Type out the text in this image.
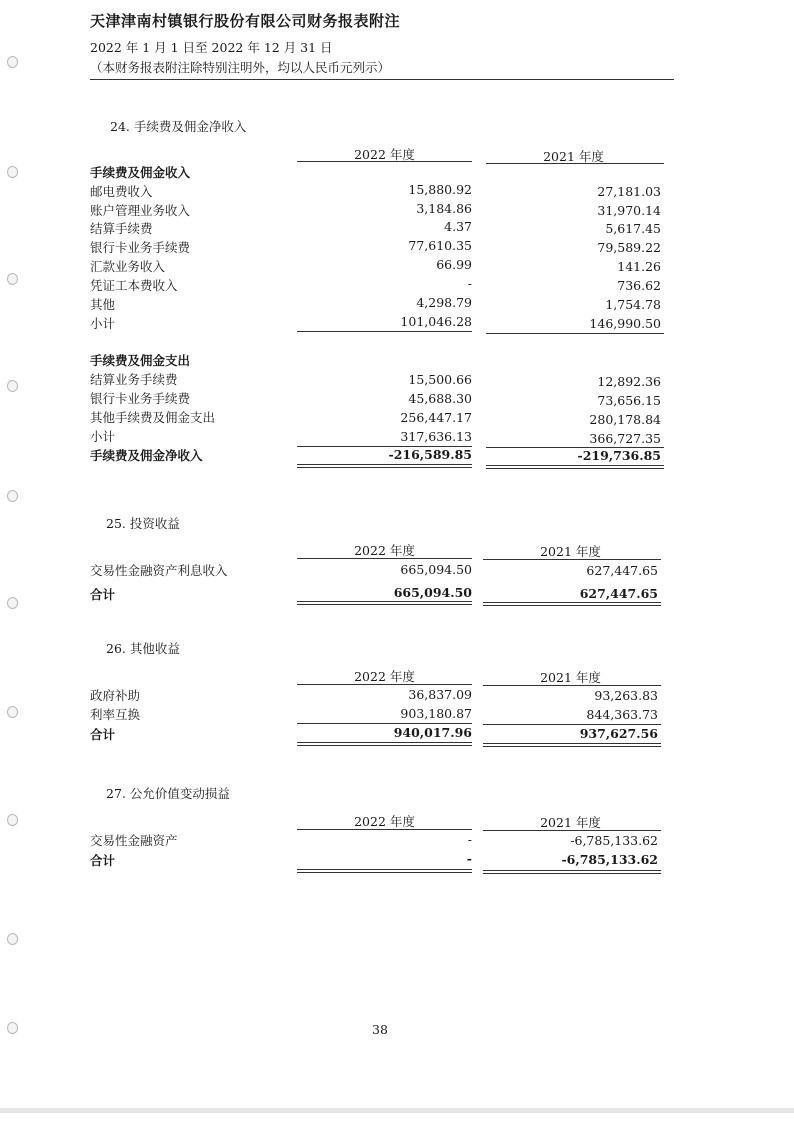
天津津南村镇银行股份有限公司财务报表附注
2022 年 1 月 1 日至 2022 年 12 月 31 日
（本财务报表附注除特别注明外，均以人民币元列示）
24. 手续费及佣金净收入
2022 年度	2021 年度
手续费及佣金收入
邮电费收入	15,880.92	27,181.03
账户管理业务收入	3,184.86	31,970.14
结算手续费	4.37	5,617.45
银行卡业务手续费	77,610.35	79,589.22
汇款业务收入	66.99	141.26
凭证工本费收入	-	736.62
其他	4,298.79	1,754.78
小计	101,046.28	146,990.50
手续费及佣金支出
结算业务手续费	15,500.66	12,892.36
银行卡业务手续费	45,688.30	73,656.15
其他手续费及佣金支出	256,447.17	280,178.84
小计	317,636.13	366,727.35
手续费及佣金净收入	-216,589.85	-219,736.85
25. 投资收益
2022 年度	2021 年度
交易性金融资产利息收入	665,094.50	627,447.65
合计	665,094.50	627,447.65
26. 其他收益
2022 年度	2021 年度
政府补助	36,837.09	93,263.83
利率互换	903,180.87	844,363.73
合计	940,017.96	937,627.56
27. 公允价值变动损益
2022 年度	2021 年度
交易性金融资产	-	-6,785,133.62
合计	-	-6,785,133.62
38
